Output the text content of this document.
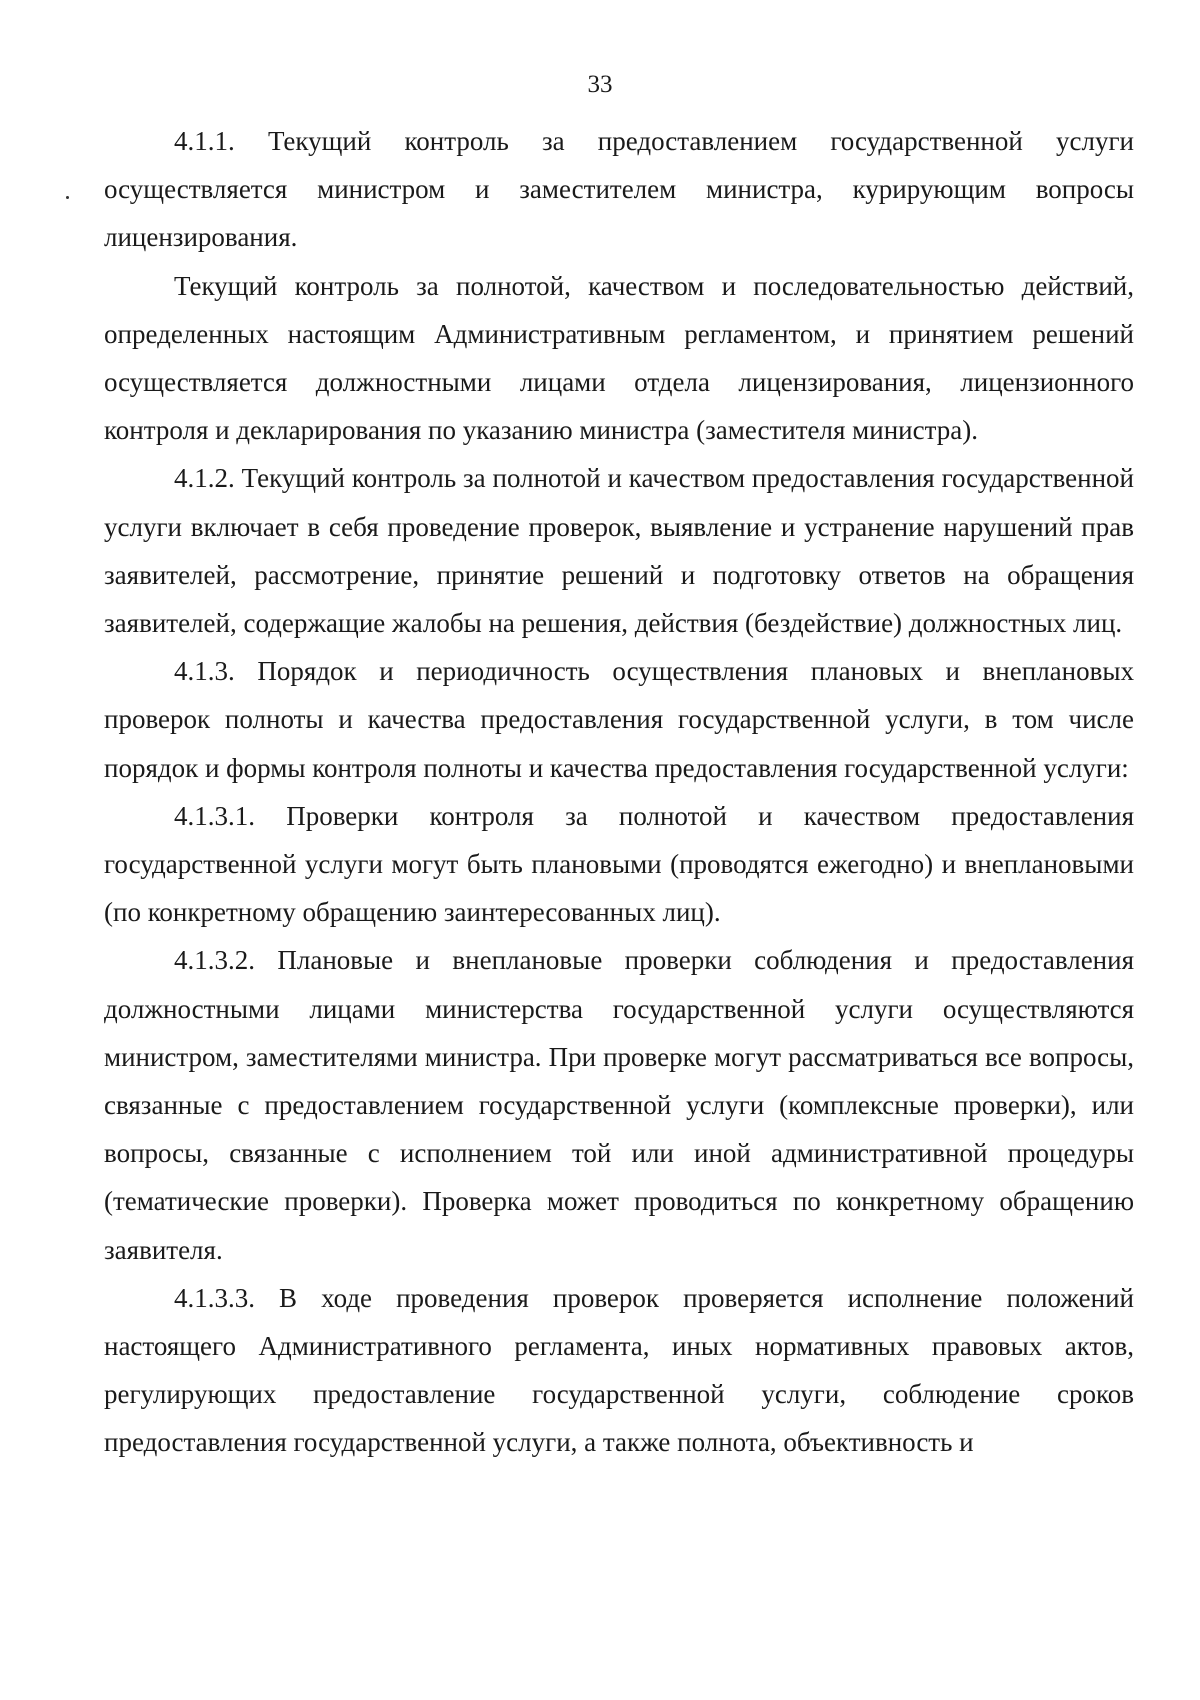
33

4.1.1. Текущий контроль за предоставлением государственной услуги осуществляется министром и заместителем министра, курирующим вопросы лицензирования.

Текущий контроль за полнотой, качеством и последовательностью действий, определенных настоящим Административным регламентом, и принятием решений осуществляется должностными лицами отдела лицензирования, лицензионного контроля и декларирования по указанию министра (заместителя министра).

4.1.2. Текущий контроль за полнотой и качеством предоставления государственной услуги включает в себя проведение проверок, выявление и устранение нарушений прав заявителей, рассмотрение, принятие решений и подготовку ответов на обращения заявителей, содержащие жалобы на решения, действия (бездействие) должностных лиц.

4.1.3. Порядок и периодичность осуществления плановых и внеплановых проверок полноты и качества предоставления государственной услуги, в том числе порядок и формы контроля полноты и качества предоставления государственной услуги:

4.1.3.1. Проверки контроля за полнотой и качеством предоставления государственной услуги могут быть плановыми (проводятся ежегодно) и внеплановыми (по конкретному обращению заинтересованных лиц).

4.1.3.2. Плановые и внеплановые проверки соблюдения и предоставления должностными лицами министерства государственной услуги осуществляются министром, заместителями министра. При проверке могут рассматриваться все вопросы, связанные с предоставлением государственной услуги (комплексные проверки), или вопросы, связанные с исполнением той или иной административной процедуры (тематические проверки). Проверка может проводиться по конкретному обращению заявителя.

4.1.3.3. В ходе проведения проверок проверяется исполнение положений настоящего Административного регламента, иных нормативных правовых актов, регулирующих предоставление государственной услуги, соблюдение сроков предоставления государственной услуги, а также полнота, объективность и
